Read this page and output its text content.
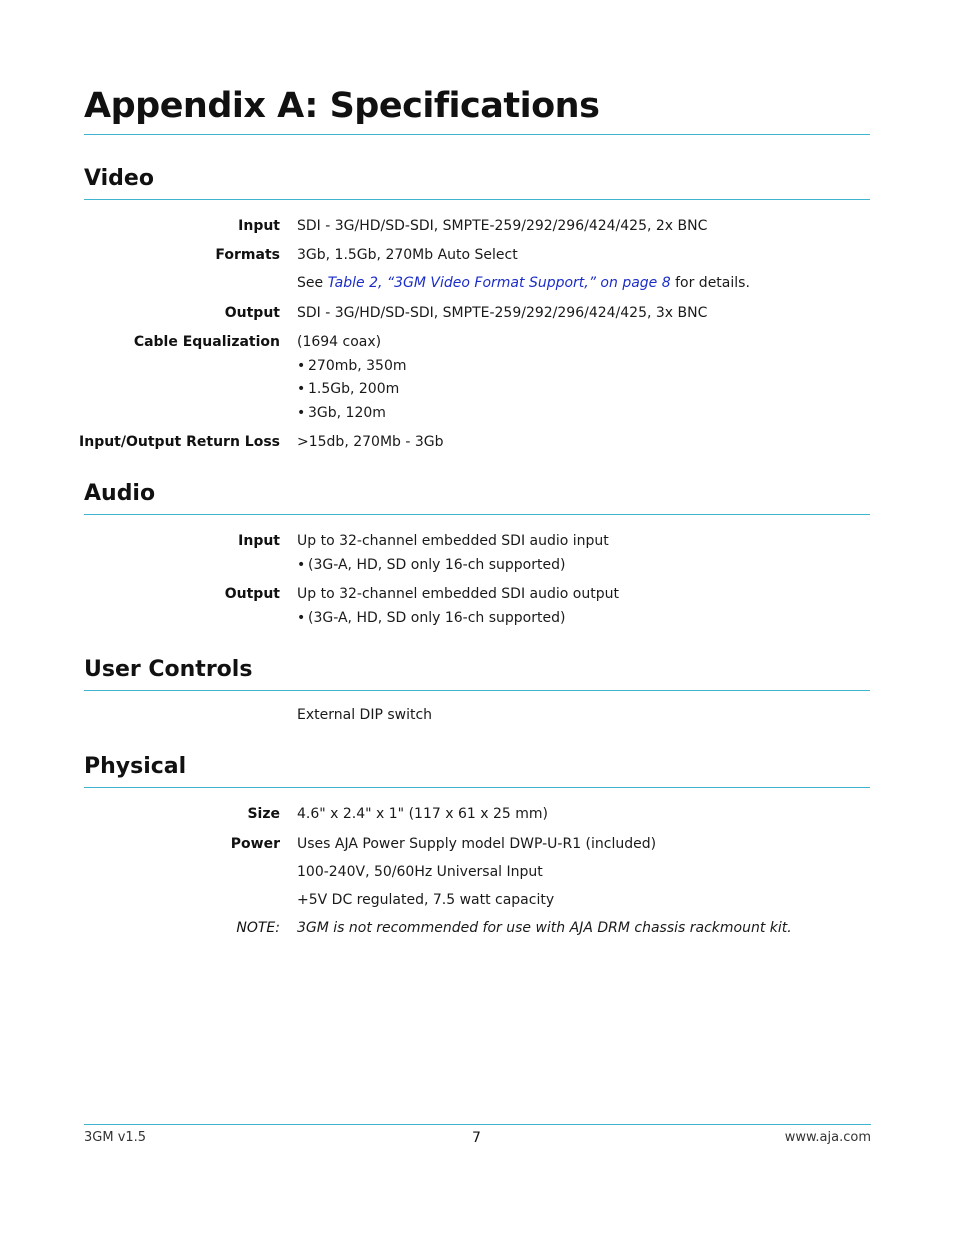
Appendix A: Specifications
Video
Input SDI - 3G/HD/SD-SDI, SMPTE-259/292/296/424/425, 2x BNC
Formats 3Gb, 1.5Gb, 270Mb Auto Select
See Table 2, “3GM Video Format Support,” on page 8 for details.
Output SDI - 3G/HD/SD-SDI, SMPTE-259/292/296/424/425, 3x BNC
Cable Equalization (1694 coax)
• 270mb, 350m
• 1.5Gb, 200m
• 3Gb, 120m
Input/Output Return Loss >15db, 270Mb - 3Gb
Audio
Input Up to 32-channel embedded SDI audio input
• (3G-A, HD, SD only 16-ch supported)
Output Up to 32-channel embedded SDI audio output
• (3G-A, HD, SD only 16-ch supported)
User Controls
External DIP switch
Physical
Size 4.6" x 2.4" x 1" (117 x 61 x 25 mm)
Power Uses AJA Power Supply model DWP-U-R1 (included)
100-240V, 50/60Hz Universal Input
+5V DC regulated, 7.5 watt capacity
NOTE: 3GM is not recommended for use with AJA DRM chassis rackmount kit.
3GM v1.5	7	www.aja.com
